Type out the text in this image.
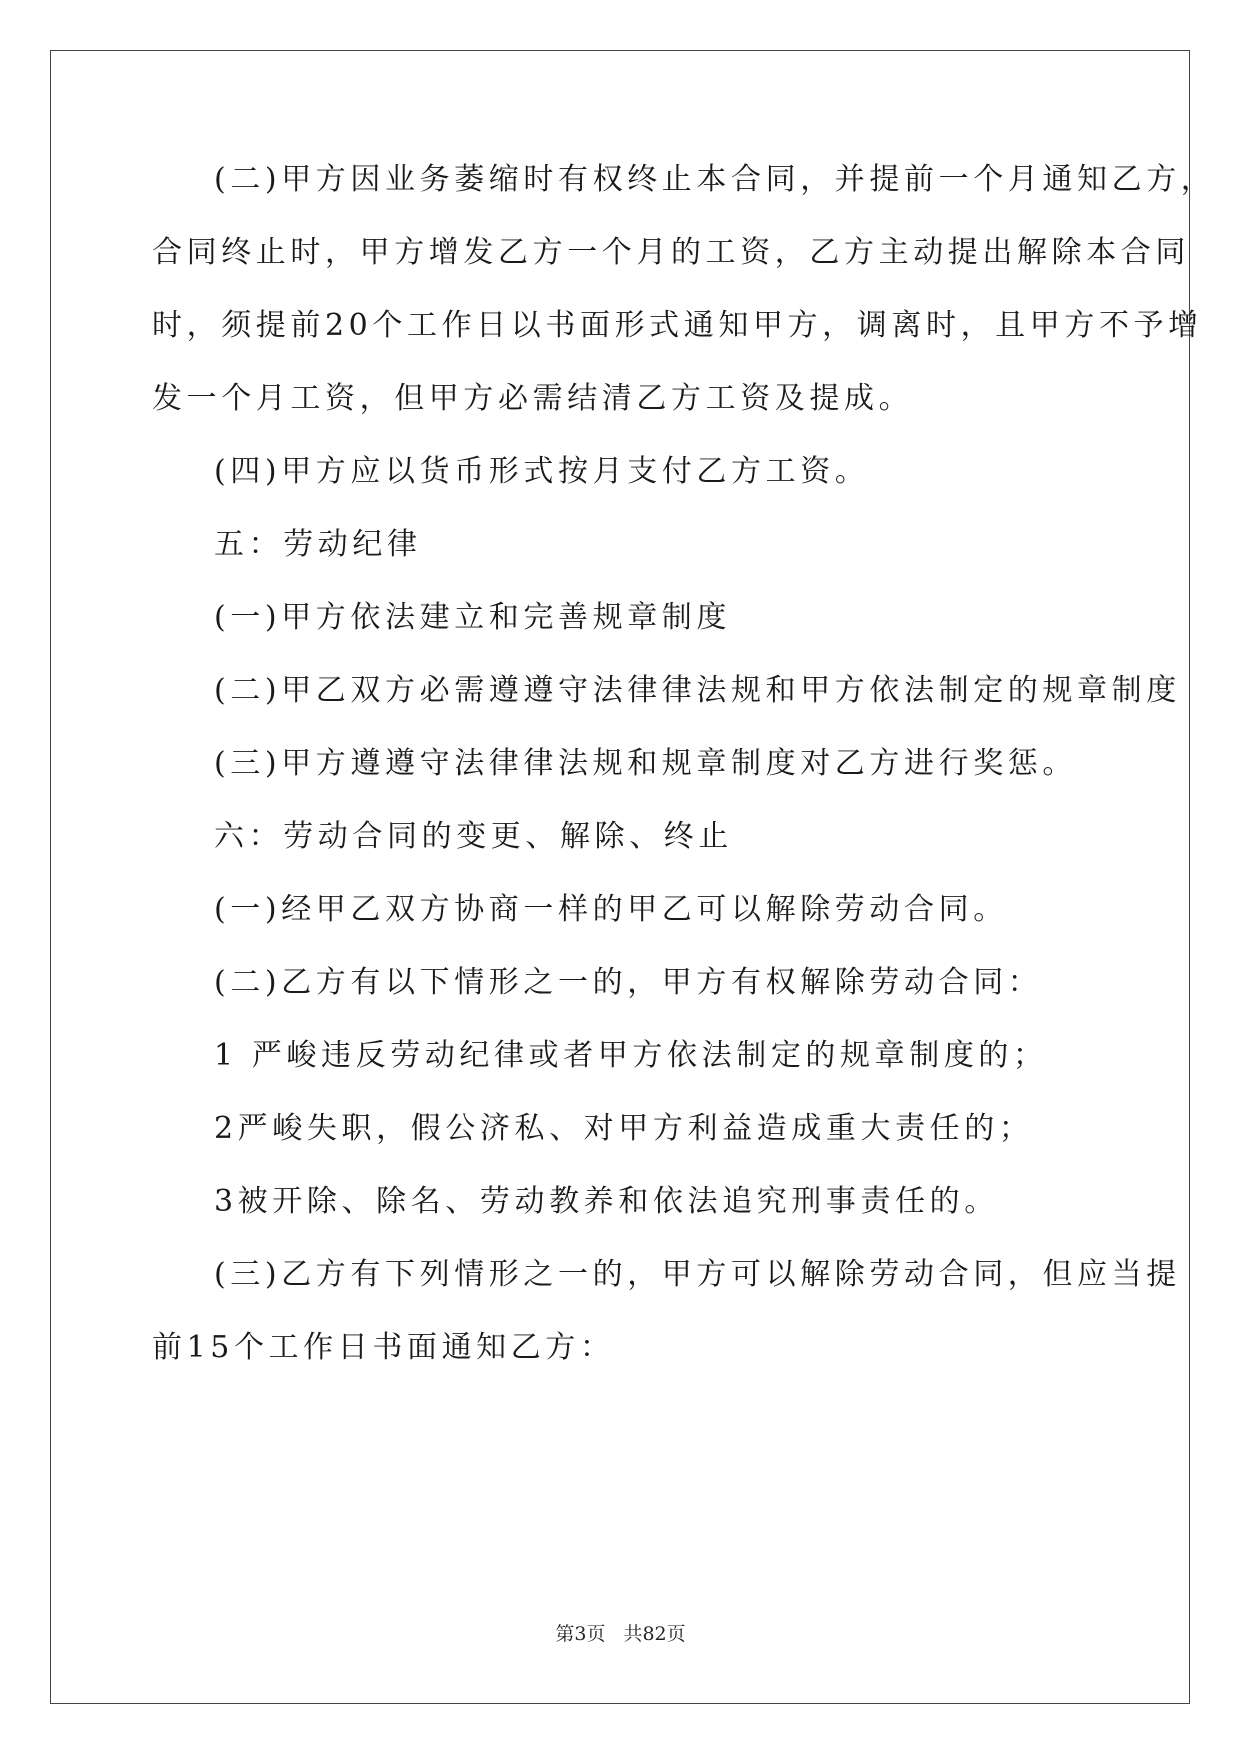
(二)甲方因业务萎缩时有权终止本合同，并提前一个月通知乙方，
合同终止时，甲方增发乙方一个月的工资，乙方主动提出解除本合同
时，须提前20个工作日以书面形式通知甲方，调离时，且甲方不予增
发一个月工资，但甲方必需结清乙方工资及提成。
(四)甲方应以货币形式按月支付乙方工资。
五：劳动纪律
(一)甲方依法建立和完善规章制度
(二)甲乙双方必需遵遵守法律律法规和甲方依法制定的规章制度
(三)甲方遵遵守法律律法规和规章制度对乙方进行奖惩。
六：劳动合同的变更、解除、终止
(一)经甲乙双方协商一样的甲乙可以解除劳动合同。
(二)乙方有以下情形之一的，甲方有权解除劳动合同：
1 严峻违反劳动纪律或者甲方依法制定的规章制度的；
2严峻失职，假公济私、对甲方利益造成重大责任的；
3被开除、除名、劳动教养和依法追究刑事责任的。
(三)乙方有下列情形之一的，甲方可以解除劳动合同，但应当提
前15个工作日书面通知乙方：
第3页 共82页
